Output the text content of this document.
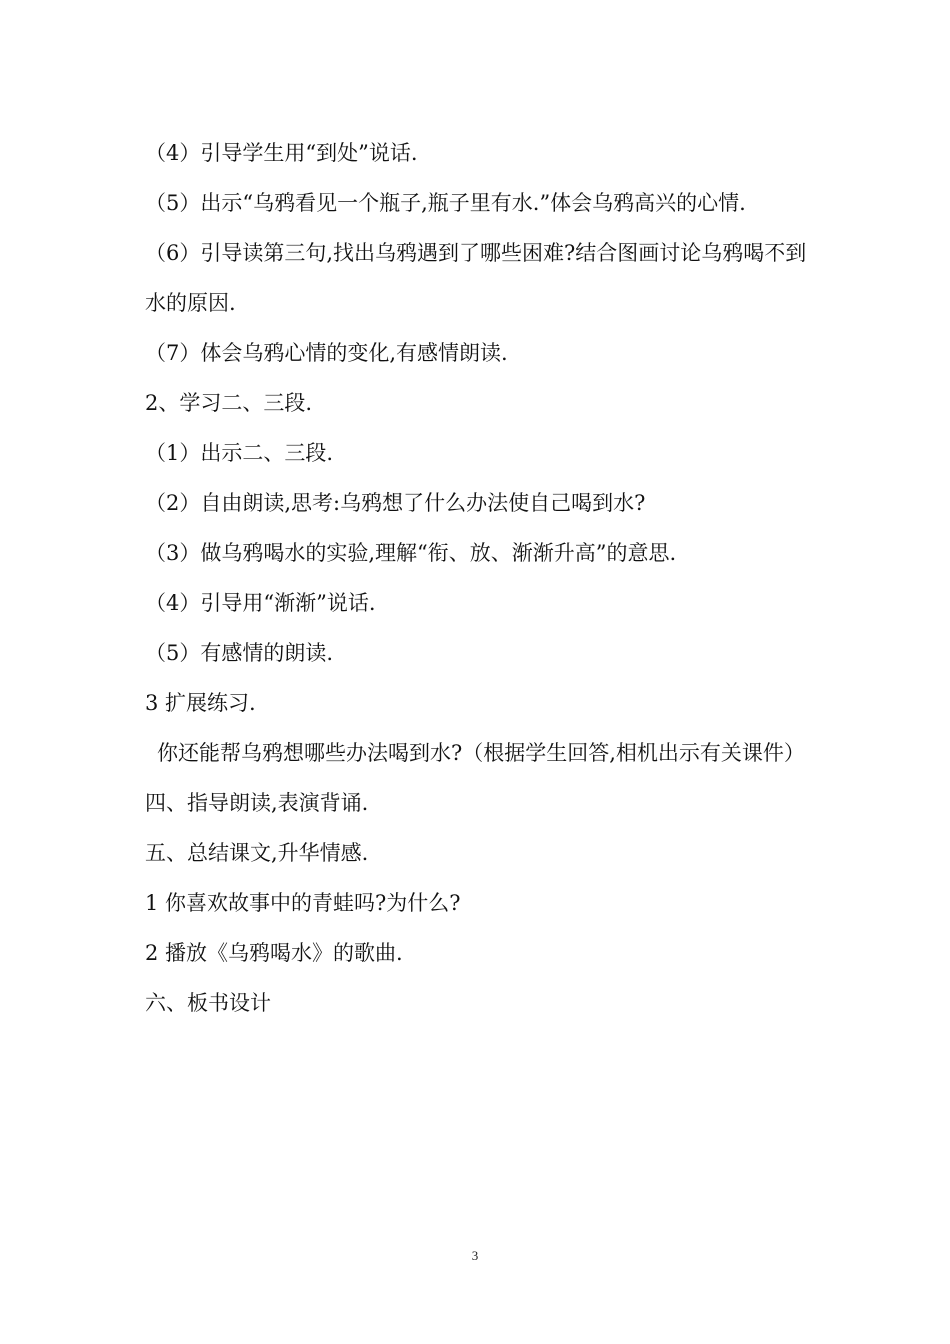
（4）引导学生用“到处”说话.

（5）出示“乌鸦看见一个瓶子,瓶子里有水.”体会乌鸦高兴的心情.

（6）引导读第三句,找出乌鸦遇到了哪些困难?结合图画讨论乌鸦喝不到水的原因.

（7）体会乌鸦心情的变化,有感情朗读.

2、学习二、三段.

（1）出示二、三段.

（2）自由朗读,思考:乌鸦想了什么办法使自己喝到水?

（3）做乌鸦喝水的实验,理解“衔、放、渐渐升高”的意思.

（4）引导用“渐渐”说话.

（5）有感情的朗读.

3 扩展练习.

你还能帮乌鸦想哪些办法喝到水?（根据学生回答,相机出示有关课件）

四、指导朗读,表演背诵.

五、总结课文,升华情感.

1 你喜欢故事中的青蛙吗?为什么?

2 播放《乌鸦喝水》的歌曲.

六、板书设计

3
